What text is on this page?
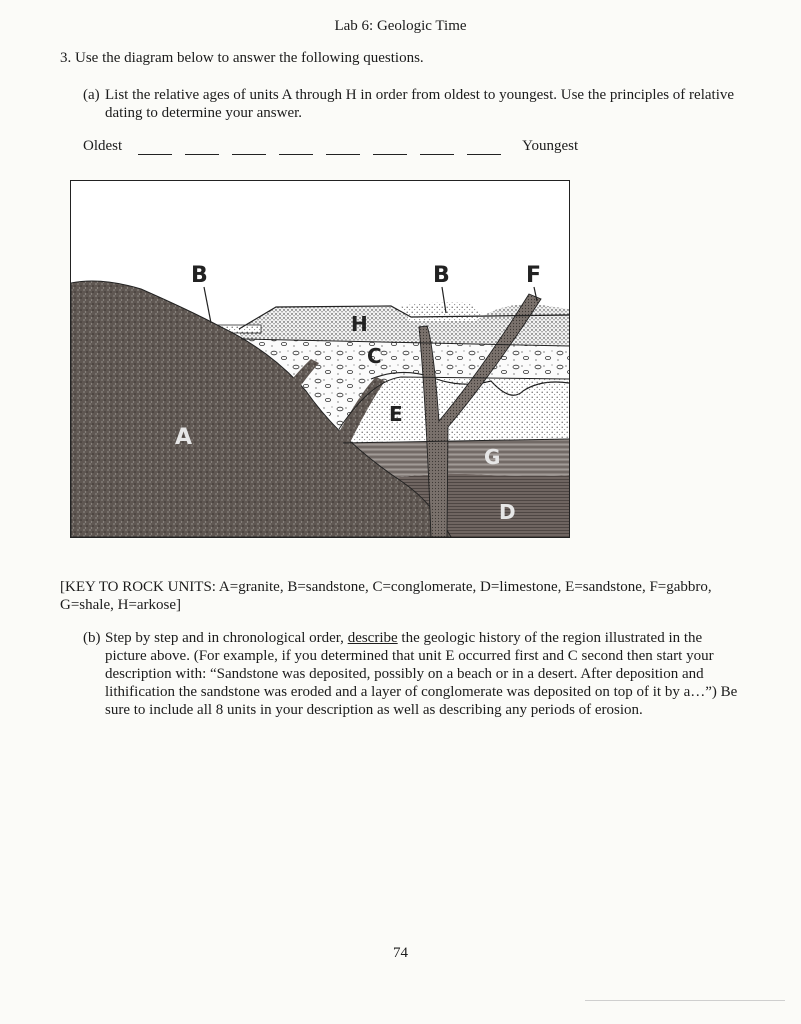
Lab 6: Geologic Time
3. Use the diagram below to answer the following questions.
(a) List the relative ages of units A through H in order from oldest to youngest. Use the principles of relative dating to determine your answer.
Oldest	Youngest
B	B	F
H
C
E
A
G
D
[KEY TO ROCK UNITS: A=granite, B=sandstone, C=conglomerate, D=limestone, E=sandstone, F=gabbro, G=shale, H=arkose]
(b) Step by step and in chronological order, describe the geologic history of the region illustrated in the picture above. (For example, if you determined that unit E occurred first and C second then start your description with: “Sandstone was deposited, possibly on a beach or in a desert. After deposition and lithification the sandstone was eroded and a layer of conglomerate was deposited on top of it by a…”) Be sure to include all 8 units in your description as well as describing any periods of erosion.
74
